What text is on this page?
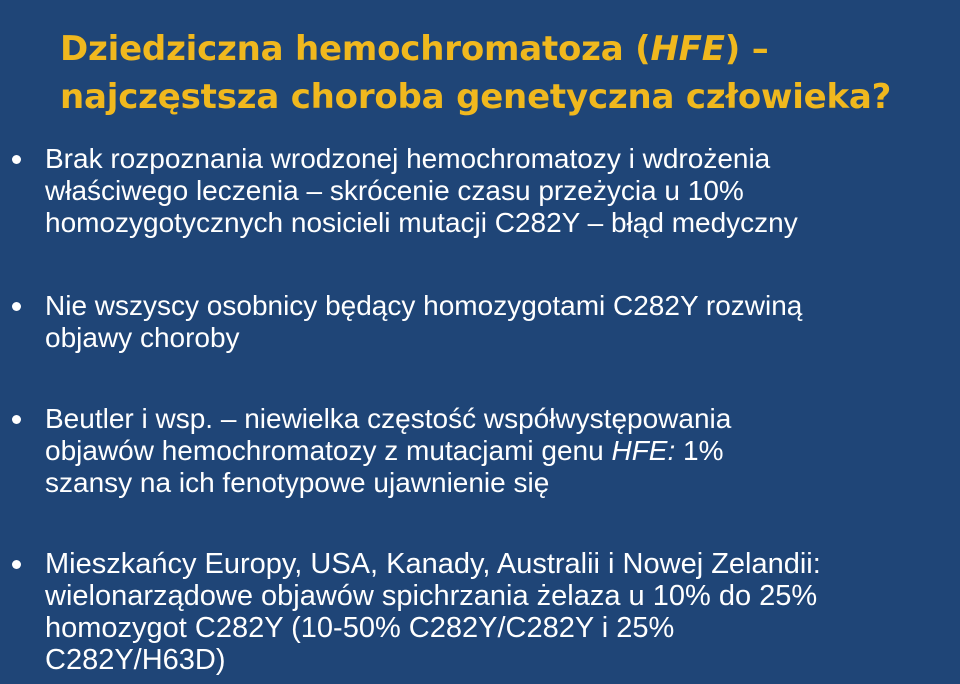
Dziedziczna hemochromatoza (HFE) –
najczęstsza choroba genetyczna człowieka?
Brak rozpoznania wrodzonej hemochromatozy i wdrożenia
właściwego leczenia – skrócenie czasu przeżycia u 10%
homozygotycznych nosicieli mutacji C282Y – błąd medyczny
Nie wszyscy osobnicy będący homozygotami C282Y rozwiną
objawy choroby
Beutler i wsp. – niewielka częstość współwystępowania
objawów hemochromatozy z mutacjami genu HFE: 1%
szansy na ich fenotypowe ujawnienie się
Mieszkańcy Europy, USA, Kanady, Australii i Nowej Zelandii:
wielonarządowe objawów spichrzania żelaza u 10% do 25%
homozygot C282Y (10-50% C282Y/C282Y i 25%
C282Y/H63D)
